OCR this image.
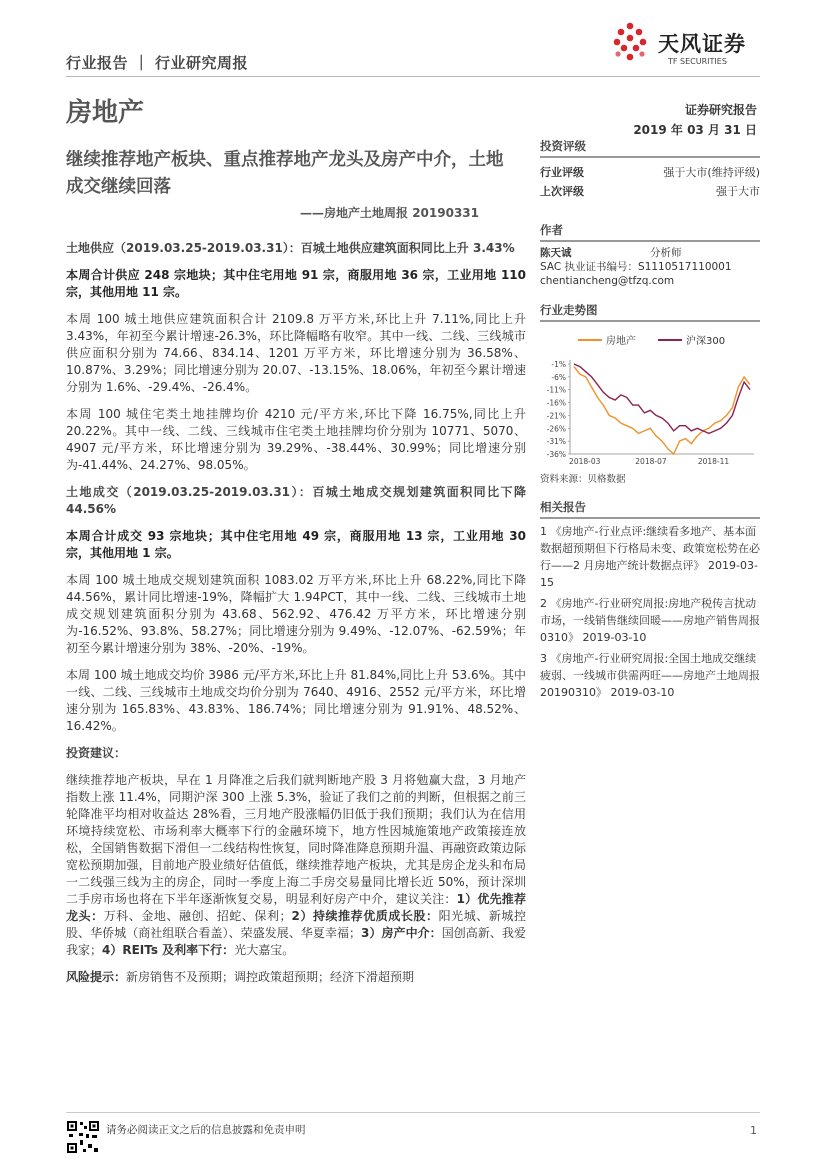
行业报告 ｜ 行业研究周报
天风证券
TF SECURITIES
房地产	证券研究报告
2019 年 03 月 31 日
继续推荐地产板块、重点推荐地产龙头及房产中介，土地成交继续回落
——房地产土地周报 20190331

土地供应（2019.03.25-2019.03.31）：百城土地供应建筑面积同比上升 3.43%

本周合计供应 248 宗地块；其中住宅用地 91 宗，商服用地 36 宗，工业用地 110 宗，其他用地 11 宗。

本周 100 城土地供应建筑面积合计 2109.8 万平方米,环比上升 7.11%,同比上升 3.43%，年初至今累计增速-26.3%，环比降幅略有收窄。其中一线、二线、三线城市供应面积分别为 74.66、834.14、1201 万平方米，环比增速分别为 36.58%、10.87%、3.29%；同比增速分别为 20.07、-13.15%、18.06%，年初至今累计增速分别为 1.6%、-29.4%、-26.4%。

本周 100 城住宅类土地挂牌均价 4210 元/平方米,环比下降 16.75%,同比上升 20.22%。其中一线、二线、三线城市住宅类土地挂牌均价分别为 10771、5070、4907 元/平方米，环比增速分别为 39.29%、-38.44%、30.99%；同比增速分别为-41.44%、24.27%、98.05%。

土地成交（2019.03.25-2019.03.31）：百城土地成交规划建筑面积同比下降 44.56%

本周合计成交 93 宗地块；其中住宅用地 49 宗，商服用地 13 宗，工业用地 30 宗，其他用地 1 宗。

本周 100 城土地成交规划建筑面积 1083.02 万平方米,环比上升 68.22%,同比下降 44.56%，累计同比增速-19%，降幅扩大 1.94PCT，其中一线、二线、三线城市土地成交规划建筑面积分别为 43.68、562.92、476.42 万平方米，环比增速分别为-16.52%、93.8%、58.27%；同比增速分别为 9.49%、-12.07%、-62.59%；年初至今累计增速分别为 38%、-20%、-19%。

本周 100 城土地成交均价 3986 元/平方米,环比上升 81.84%,同比上升 53.6%。其中一线、二线、三线城市土地成交均价分别为 7640、4916、2552 元/平方米，环比增速分别为 165.83%、43.83%、186.74%；同比增速分别为 91.91%、48.52%、16.42%。

投资建议：

继续推荐地产板块，早在 1 月降准之后我们就判断地产股 3 月将勉赢大盘，3 月地产指数上涨 11.4%，同期沪深 300 上涨 5.3%，验证了我们之前的判断，但根据之前三轮降准平均相对收益达 28%看，三月地产股涨幅仍旧低于我们预期；我们认为在信用环境持续宽松、市场利率大概率下行的金融环境下，地方性因城施策地产政策接连放松，全国销售数据下滑但一二线结构性恢复，同时降准降息预期升温、再融资政策边际宽松预期加强，目前地产股业绩好估值低，继续推荐地产板块，尤其是房企龙头和布局一二线强三线为主的房企，同时一季度上海二手房交易量同比增长近 50%，预计深圳二手房市场也将在下半年逐渐恢复交易，明显利好房产中介，建议关注：1）优先推荐龙头：万科、金地、融创、招蛇、保利；2）持续推荐优质成长股：阳光城、新城控股、华侨城（商社组联合看盖）、荣盛发展、华夏幸福；3）房产中介：国创高新、我爱我家；4）REITs 及利率下行：光大嘉宝。

风险提示：新房销售不及预期；调控政策超预期；经济下滑超预期

投资评级
行业评级	强于大市(维持评级)
上次评级	强于大市
作者
陈天诚	分析师
SAC 执业证书编号：S1110517110001
chentiancheng@tfzq.com
行业走势图
房地产	沪深300
-1%
-6%
-11%
-16%
-21%
-26%
-31%
-36%
2018-03	2018-07	2018-11
资料来源：贝格数据
相关报告

1 《房地产-行业点评:继续看多地产、基本面数据超预期但下行格局未变、政策宽松势在必行——2 月房地产统计数据点评》 2019-03-15

2 《房地产-行业研究周报:房地产税传言扰动市场，一线销售继续回暖——房地产销售周报 0310》 2019-03-10

3 《房地产-行业研究周报:全国土地成交继续疲弱、一线城市供需两旺——房地产土地周报 20190310》 2019-03-10

请务必阅读正文之后的信息披露和免责申明	1
